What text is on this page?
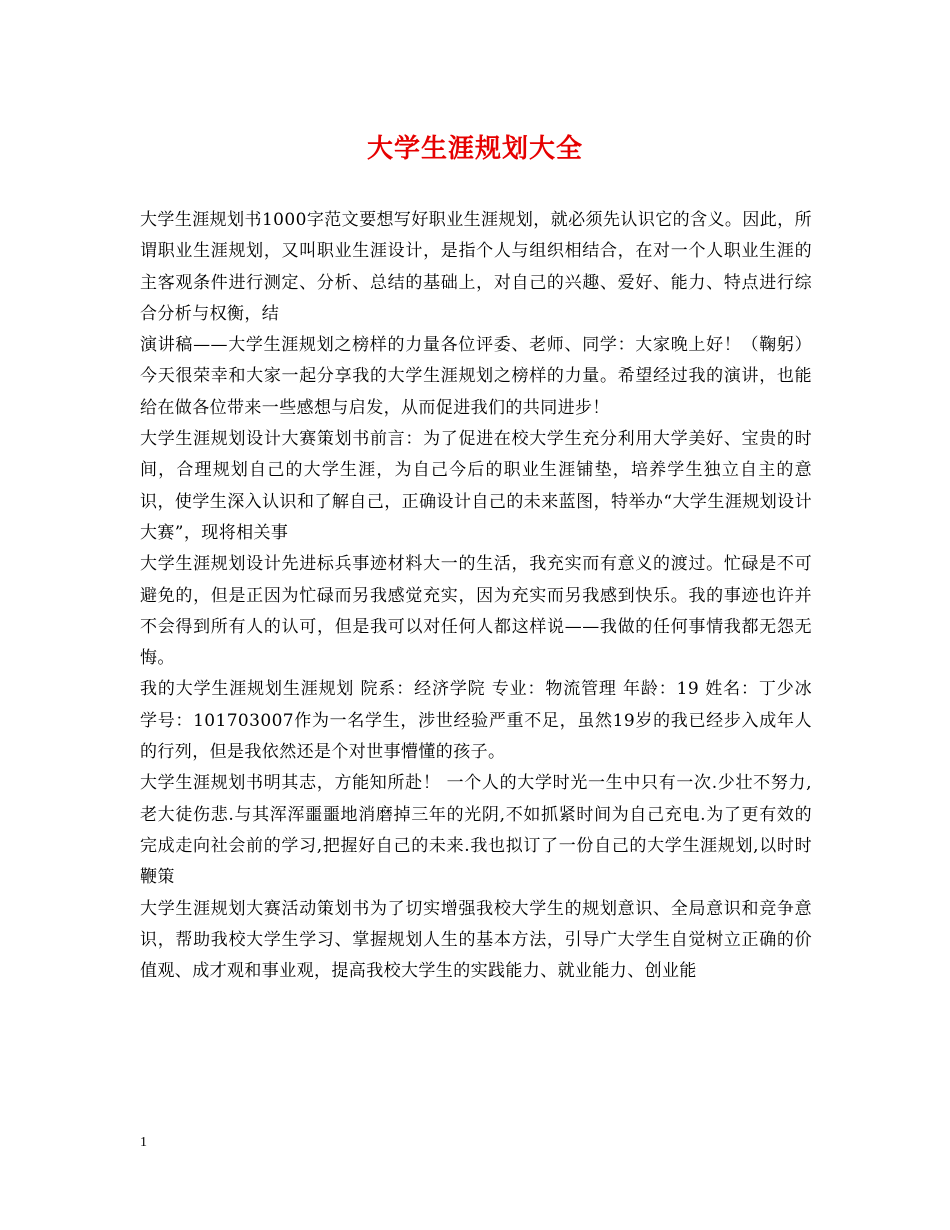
大学生涯规划大全

大学生涯规划书1000字范文要想写好职业生涯规划，就必须先认识它的含义。因此，所谓职业生涯规划，又叫职业生涯设计，是指个人与组织相结合，在对一个人职业生涯的主客观条件进行测定、分析、总结的基础上，对自己的兴趣、爱好、能力、特点进行综合分析与权衡，结

演讲稿——大学生涯规划之榜样的力量各位评委、老师、同学：大家晚上好！（鞠躬） 今天很荣幸和大家一起分享我的大学生涯规划之榜样的力量。希望经过我的演讲，也能给在做各位带来一些感想与启发，从而促进我们的共同进步！

大学生涯规划设计大赛策划书前言：为了促进在校大学生充分利用大学美好、宝贵的时间，合理规划自己的大学生涯，为自己今后的职业生涯铺垫，培养学生独立自主的意识，使学生深入认识和了解自己，正确设计自己的未来蓝图，特举办“大学生涯规划设计大赛”，现将相关事

大学生涯规划设计先进标兵事迹材料大一的生活，我充实而有意义的渡过。忙碌是不可避免的，但是正因为忙碌而另我感觉充实，因为充实而另我感到快乐。我的事迹也许并不会得到所有人的认可，但是我可以对任何人都这样说——我做的任何事情我都无怨无悔。

我的大学生涯规划生涯规划 院系：经济学院 专业：物流管理 年龄：19 姓名：丁少冰 学号：101703007作为一名学生，涉世经验严重不足，虽然19岁的我已经步入成年人的行列，但是我依然还是个对世事懵懂的孩子。

大学生涯规划书明其志，方能知所赴！ 一个人的大学时光一生中只有一次.少壮不努力,老大徒伤悲.与其浑浑噩噩地消磨掉三年的光阴,不如抓紧时间为自己充电.为了更有效的完成走向社会前的学习,把握好自己的未来.我也拟订了一份自己的大学生涯规划,以时时鞭策

大学生涯规划大赛活动策划书为了切实增强我校大学生的规划意识、全局意识和竞争意识，帮助我校大学生学习、掌握规划人生的基本方法，引导广大学生自觉树立正确的价值观、成才观和事业观，提高我校大学生的实践能力、就业能力、创业能

1
